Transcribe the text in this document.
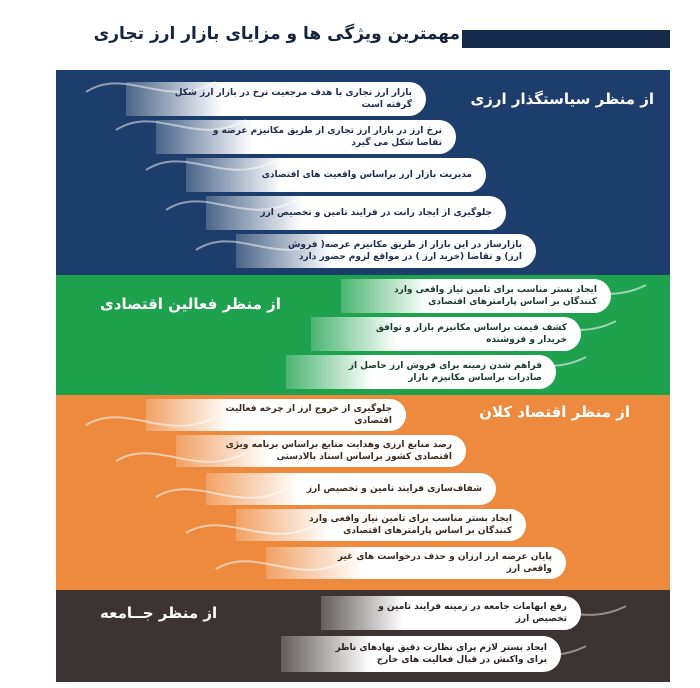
مهمترین ویژگی ها و مزایای بازار ارز تجاری
از منظر سیاستگذار ارزی
بازار ارز تجاری با هدف مرجعیت نرخ در بازار ارز شکل گرفته است
نرخ ارز در بازار ارز تجاری از طریق مکانیزم عرضه و تقاضا شکل می گیرد
مدیریت بازار ارز براساس واقعیت های اقتصادی
جلوگیری از ایجاد رانت در فرایند تامین و تخصیص ارز
بازارساز در این بازار از طریق مکانیزم عرضه( فروش ارز) و تقاضا (خرید ارز ) در مواقع لزوم حضور دارد
از منظر فعالین اقتصادی
ایجاد بستر مناسب برای تامین نیاز واقعی وارد کنندگان بر اساس پارامترهای اقتصادی
کشف قیمت براساس مکانیزم بازار و توافق خریدار و فروشنده
فراهم شدن زمینه برای فروش ارز حاصل از صادرات براساس مکانیزم بازار
از منظر اقتصاد کلان
جلوگیری از خروج ارز از چرخه فعالیت اقتصادی
رصد منابع ارزی وهدایت منابع براساس برنامه ویژی اقتصادی کشور براساس اسناد بالادستی
شفاف‌سازی فرایند تامین و تخصیص ارز
ایجاد بستر مناسب برای تامین نیاز واقعی وارد کنندگان بر اساس پارامترهای اقتصادی
پایان عرضه ارز ارزان و حذف درخواست های غیر واقعی ارز
از منظر جــامعه	رفع ابهامات جامعه در زمینه فرایند تامین و تخصیص ارز
ایجاد بستر لازم برای نظارت دقیق نهادهای ناظر برای واکنش در قبال فعالیت های خارج
